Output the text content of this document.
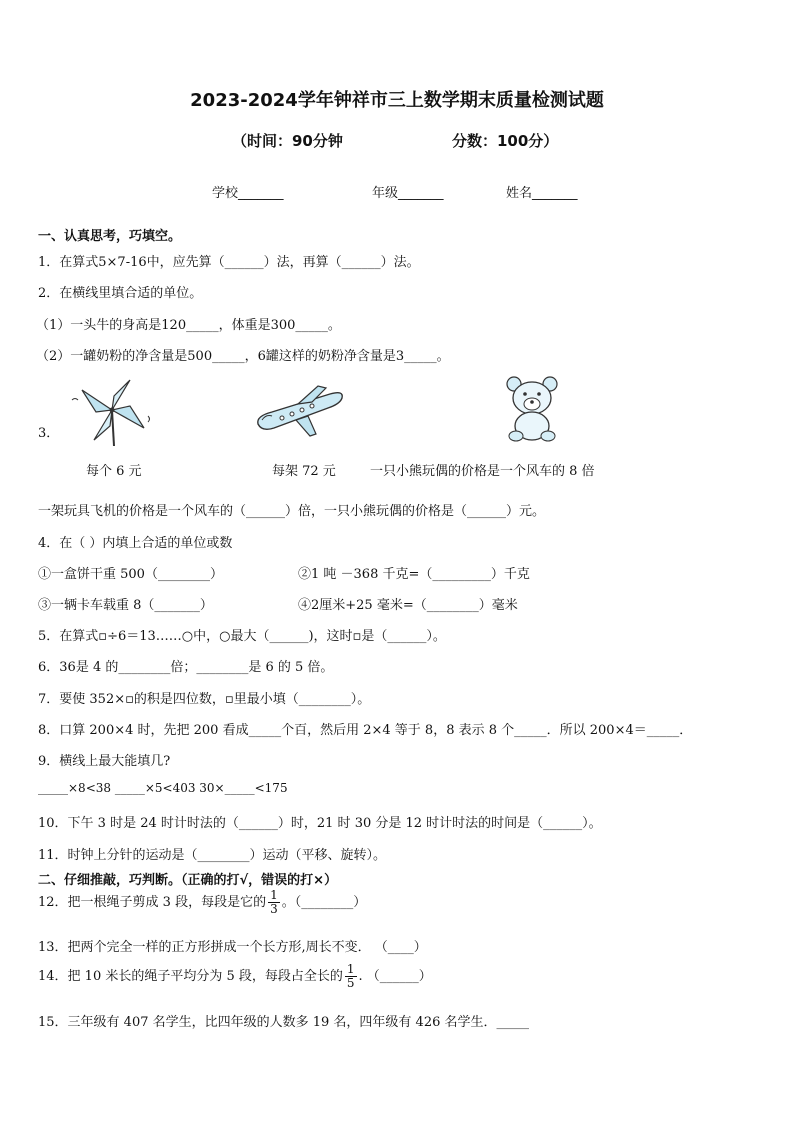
2023-2024学年钟祥市三上数学期末质量检测试题
（时间：90分钟	分数：100分）
学校_______	年级_______	姓名_______
一、认真思考，巧填空。
1．在算式5×7-16中，应先算（______）法，再算（______）法。
2．在横线里填合适的单位。
（1）一头牛的身高是120_____，体重是300_____。
（2）一罐奶粉的净含量是500_____，6罐这样的奶粉净含量是3_____。
3．
每个 6 元	每架 72 元	一只小熊玩偶的价格是一个风车的 8 倍
一架玩具飞机的价格是一个风车的（______）倍，一只小熊玩偶的价格是（______）元。
4．在（ ）内填上合适的单位或数
①一盒饼干重 500（________）	②1 吨 －368 千克=（_________）千克
③一辆卡车载重 8（_______）	④2厘米+25 毫米=（________）毫米
5．在算式▫÷6＝13……○中，○最大（______)，这时▫是（______）。
6．36是 4 的________倍；________是 6 的 5 倍。
7．要使 352×▫的积是四位数，▫里最小填（________）。
8．口算 200×4 时，先把 200 看成_____个百，然后用 2×4 等于 8，8 表示 8 个_____．所以 200×4＝_____．
9．横线上最大能填几?
_____×8<38 _____×5<403 30×_____<175
10．下午 3 时是 24 时计时法的（______）时，21 时 30 分是 12 时计时法的时间是（______）。
11．时钟上分针的运动是（________）运动（平移、旋转）。
二、仔细推敲，巧判断。（正确的打√，错误的打×）
12．把一根绳子剪成 3 段，每段是它的 $\frac{1}{3}$ 。（________）
13．把两个完全一样的正方形拼成一个长方形,周长不变． （____）
14．把 10 米长的绳子平均分为 5 段，每段占全长的 $\frac{1}{5}$ . （______）
15．三年级有 407 名学生，比四年级的人数多 19 名，四年级有 426 名学生．_____
